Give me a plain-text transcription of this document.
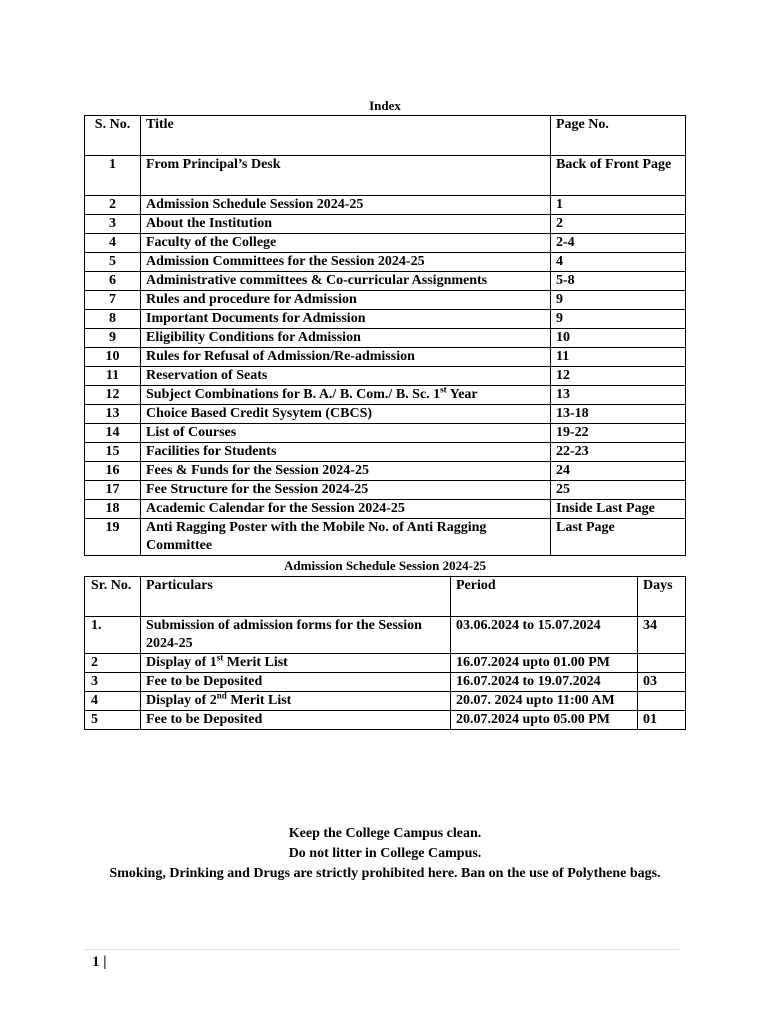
Index
S. No.	Title	Page No.
1	From Principal’s Desk	Back of Front Page
2	Admission Schedule Session 2024-25	1
3	About the Institution	2
4	Faculty of the College	2-4
5	Admission Committees for the Session 2024-25	4
6	Administrative committees & Co-curricular Assignments	5-8
7	Rules and procedure for Admission	9
8	Important Documents for Admission	9
9	Eligibility Conditions for Admission	10
10	Rules for Refusal of Admission/Re-admission	11
11	Reservation of Seats	12
12	Subject Combinations for B. A./ B. Com./ B. Sc. 1st Year	13
13	Choice Based Credit Sysytem (CBCS)	13-18
14	List of Courses	19-22
15	Facilities for Students	22-23
16	Fees & Funds for the Session 2024-25	24
17	Fee Structure for the Session 2024-25	25
18	Academic Calendar for the Session 2024-25	Inside Last Page
19	Anti Ragging Poster with the Mobile No. of Anti Ragging Committee	Last Page
Admission Schedule Session 2024-25
Sr. No.	Particulars	Period	Days
1.	Submission of admission forms for the Session 2024-25	03.06.2024 to 15.07.2024	34
2	Display of 1st Merit List	16.07.2024 upto 01.00 PM	
3	Fee to be Deposited	16.07.2024 to 19.07.2024	03
4	Display of 2nd Merit List	20.07. 2024 upto 11:00 AM	
5	Fee to be Deposited	20.07.2024 upto 05.00 PM	01
Keep the College Campus clean.
Do not litter in College Campus.
Smoking, Drinking and Drugs are strictly prohibited here. Ban on the use of Polythene bags.
1 |
